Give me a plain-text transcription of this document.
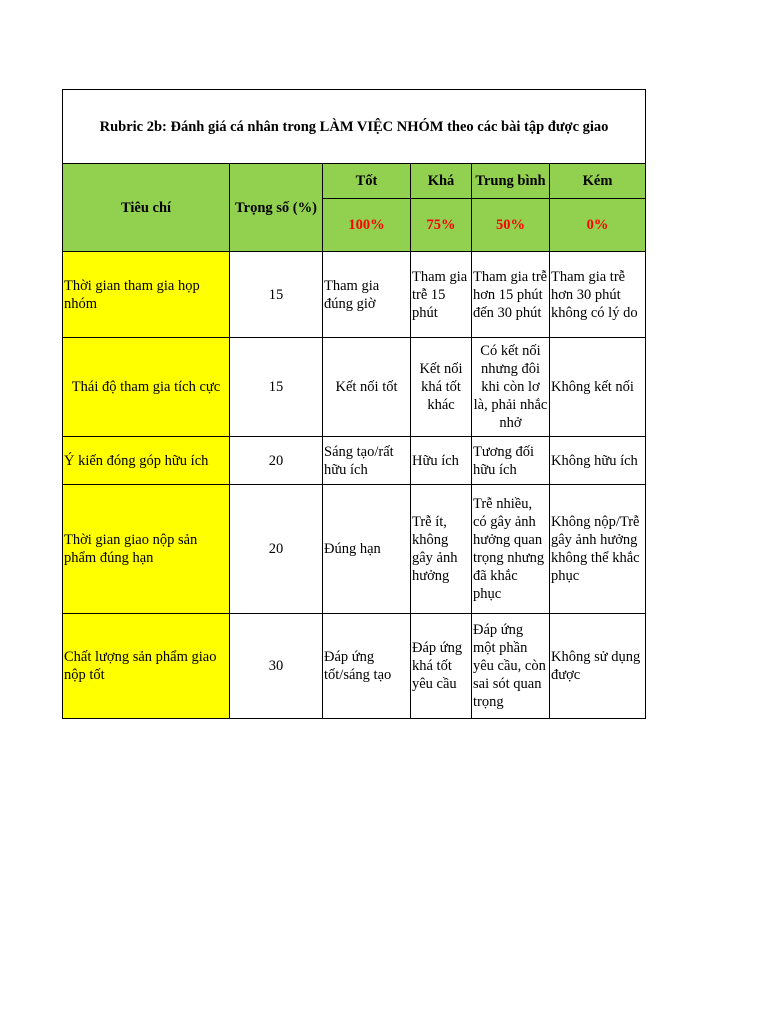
Rubric 2b: Đánh giá cá nhân trong LÀM VIỆC NHÓM theo các bài tập được giao					
Tiêu chí	Trọng số (%)	Tốt	Khá	Trung bình	Kém
		100%	75%	50%	0%
Thời gian tham gia họp nhóm	15	Tham gia đúng giờ	Tham gia trễ 15 phút	Tham gia trễ hơn 15 phút đến 30 phút	Tham gia trễ hơn 30 phút không có lý do
Thái độ tham gia tích cực	15	Kết nối tốt	Kết nối khá tốt khác	Có kết nối nhưng đôi khi còn lơ là, phải nhắc nhở	Không kết nối
Ý kiến đóng góp hữu ích	20	Sáng tạo/rất hữu ích	Hữu ích	Tương đối hữu ích	Không hữu ích
Thời gian giao nộp sản phẩm đúng hạn	20	Đúng hạn	Trễ ít, không gây ảnh hưởng	Trễ nhiều, có gây ảnh hưởng quan trọng nhưng đã khắc phục	Không nộp/Trễ gây ảnh hưởng không thể khắc phục
Chất lượng sản phẩm giao nộp tốt	30	Đáp ứng tốt/sáng tạo	Đáp ứng khá tốt yêu cầu	Đáp ứng một phần yêu cầu, còn sai sót quan trọng	Không sử dụng được
